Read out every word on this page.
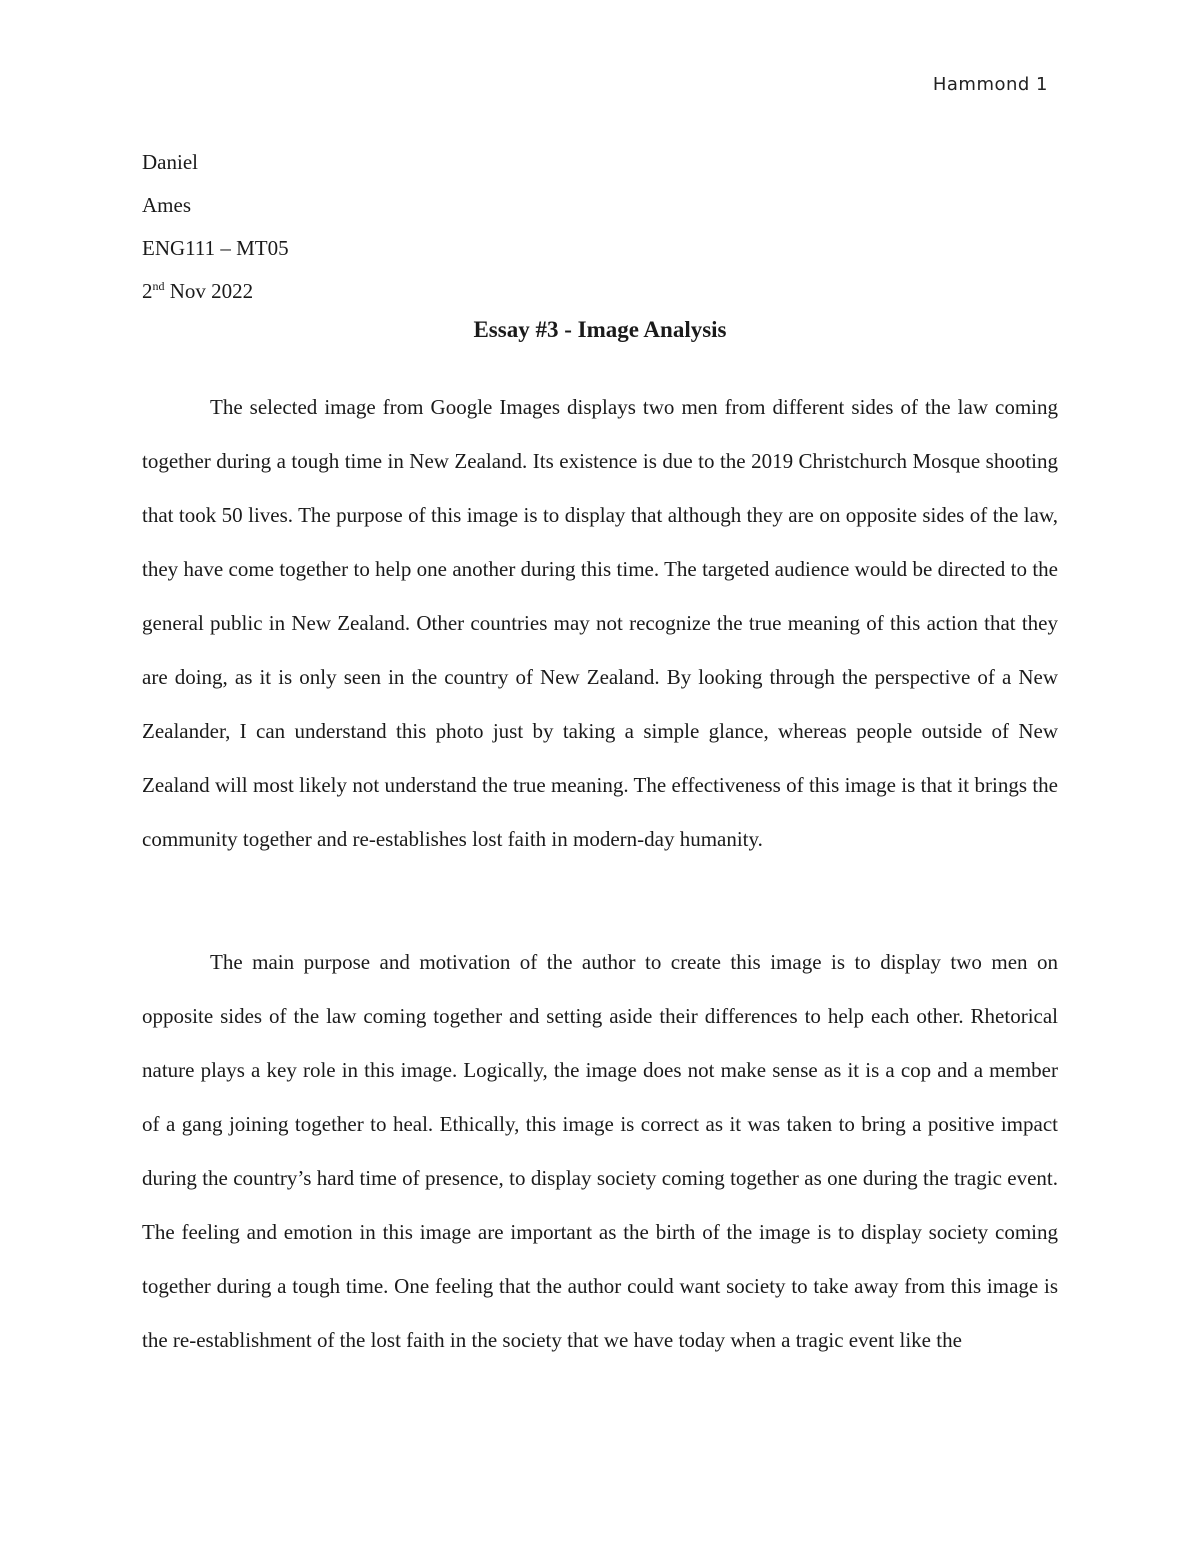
Hammond 1
Daniel
Ames
ENG111 – MT05
2nd Nov 2022
Essay #3 - Image Analysis

The selected image from Google Images displays two men from different sides of the law coming together during a tough time in New Zealand. Its existence is due to the 2019 Christchurch Mosque shooting that took 50 lives. The purpose of this image is to display that although they are on opposite sides of the law, they have come together to help one another during this time. The targeted audience would be directed to the general public in New Zealand. Other countries may not recognize the true meaning of this action that they are doing, as it is only seen in the country of New Zealand. By looking through the perspective of a New Zealander, I can understand this photo just by taking a simple glance, whereas people outside of New Zealand will most likely not understand the true meaning. The effectiveness of this image is that it brings the community together and re-establishes lost faith in modern-day humanity.

The main purpose and motivation of the author to create this image is to display two men on opposite sides of the law coming together and setting aside their differences to help each other. Rhetorical nature plays a key role in this image. Logically, the image does not make sense as it is a cop and a member of a gang joining together to heal. Ethically, this image is correct as it was taken to bring a positive impact during the country’s hard time of presence, to display society coming together as one during the tragic event. The feeling and emotion in this image are important as the birth of the image is to display society coming together during a tough time. One feeling that the author could want society to take away from this image is the re-establishment of the lost faith in the society that we have today when a tragic event like the
